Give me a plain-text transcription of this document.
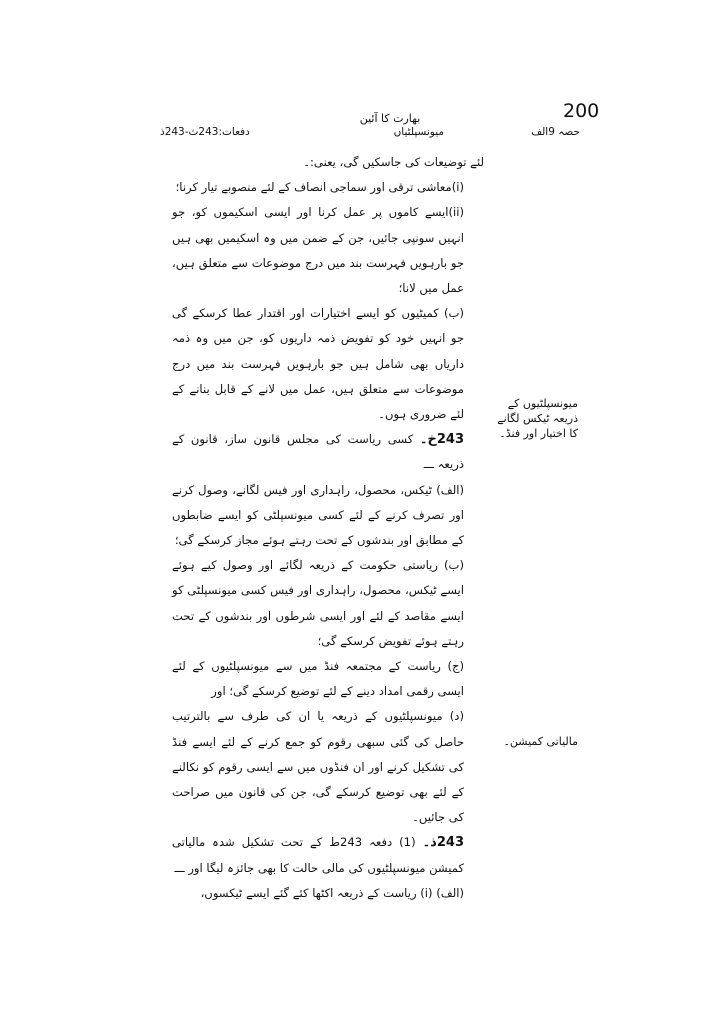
200
بھارت کا آئین
حصہ 9الف
میونسپلٹیاں
دفعات:243ث-243ذ

لئے توضیعات کی جاسکیں گی، یعنی:۔

(i)معاشی ترقی اور سماجی انصاف کے لئے منصوبے تیار کرنا؛

(ii)ایسے کاموں پر عمل کرنا اور ایسی اسکیموں کو، جو انہیں سونپی جائیں، جن کے ضمن میں وہ اسکیمیں بھی ہیں جو بارہویں فہرست بند میں درج موضوعات سے متعلق ہیں، عمل میں لانا؛

(ب) کمیٹیوں کو ایسے اختیارات اور اقتدار عطا کرسکے گی جو انہیں خود کو تفویض ذمہ داریوں کو، جن میں وہ ذمہ داریاں بھی شامل ہیں جو بارہویں فہرست بند میں درج موضوعات سے متعلق ہیں، عمل میں لانے کے قابل بنانے کے لئے ضروری ہوں۔

243خ۔ کسی ریاست کی مجلس قانون ساز، قانون کے ذریعہ ـــ

(الف) ٹیکس، محصول، راہداری اور فیس لگانے، وصول کرنے اور تصرف کرنے کے لئے کسی میونسپلٹی کو ایسے ضابطوں کے مطابق اور بندشوں کے تحت رہتے ہوئے مجاز کرسکے گی؛

(ب) ریاستی حکومت کے ذریعہ لگائے اور وصول کیے ہوئے ایسے ٹیکس، محصول، راہداری اور فیس کسی میونسپلٹی کو ایسے مقاصد کے لئے اور ایسی شرطوں اور بندشوں کے تحت رہتے ہوئے تفویض کرسکے گی؛

(ج) ریاست کے مجتمعہ فنڈ میں سے میونسپلٹیوں کے لئے ایسی رقمی امداد دینے کے لئے توضیع کرسکے گی؛ اور

(د) میونسپلٹیوں کے ذریعہ یا ان کی طرف سے بالترتیب حاصل کی گئی سبھی رقوم کو جمع کرنے کے لئے ایسے فنڈ کی تشکیل کرنے اور ان فنڈوں میں سے ایسی رقوم کو نکالنے کے لئے بھی توضیع کرسکے گی، جن کی قانون میں صراحت کی جائیں۔

243ذ۔ (1) دفعہ 243ط کے تحت تشکیل شدہ مالیاتی کمیشن میونسپلٹیوں کی مالی حالت کا بھی جائزہ لیگا اور ـــ

(الف) (i) ریاست کے ذریعہ اکٹھا کئے گئے ایسے ٹیکسوں،

میونسپلٹیوں کے ذریعہ ٹیکس لگانے کا اختیار اور فنڈ۔
مالیاتی کمیشن۔
